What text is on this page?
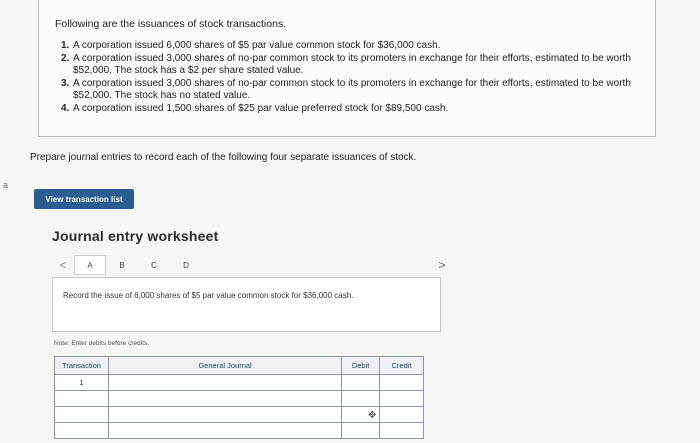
a
Following are the issuances of stock transactions.
1. A corporation issued 6,000 shares of $5 par value common stock for $36,000 cash.
2. A corporation issued 3,000 shares of no-par common stock to its promoters in exchange for their efforts, estimated to be worth $52,000. The stock has a $2 per share stated value.
3. A corporation issued 3,000 shares of no-par common stock to its promoters in exchange for their efforts, estimated to be worth $52,000. The stock has no stated value.
4. A corporation issued 1,500 shares of $25 par value preferred stock for $89,500 cash.
Prepare journal entries to record each of the following four separate issuances of stock.
View transaction list
Journal entry worksheet
<	A	B	C	D	>
Record the issue of 6,000 shares of $5 par value common stock for $36,000 cash.
Note: Enter debits before credits.
Transaction	General Journal	Debit	Credit
1			

✥
